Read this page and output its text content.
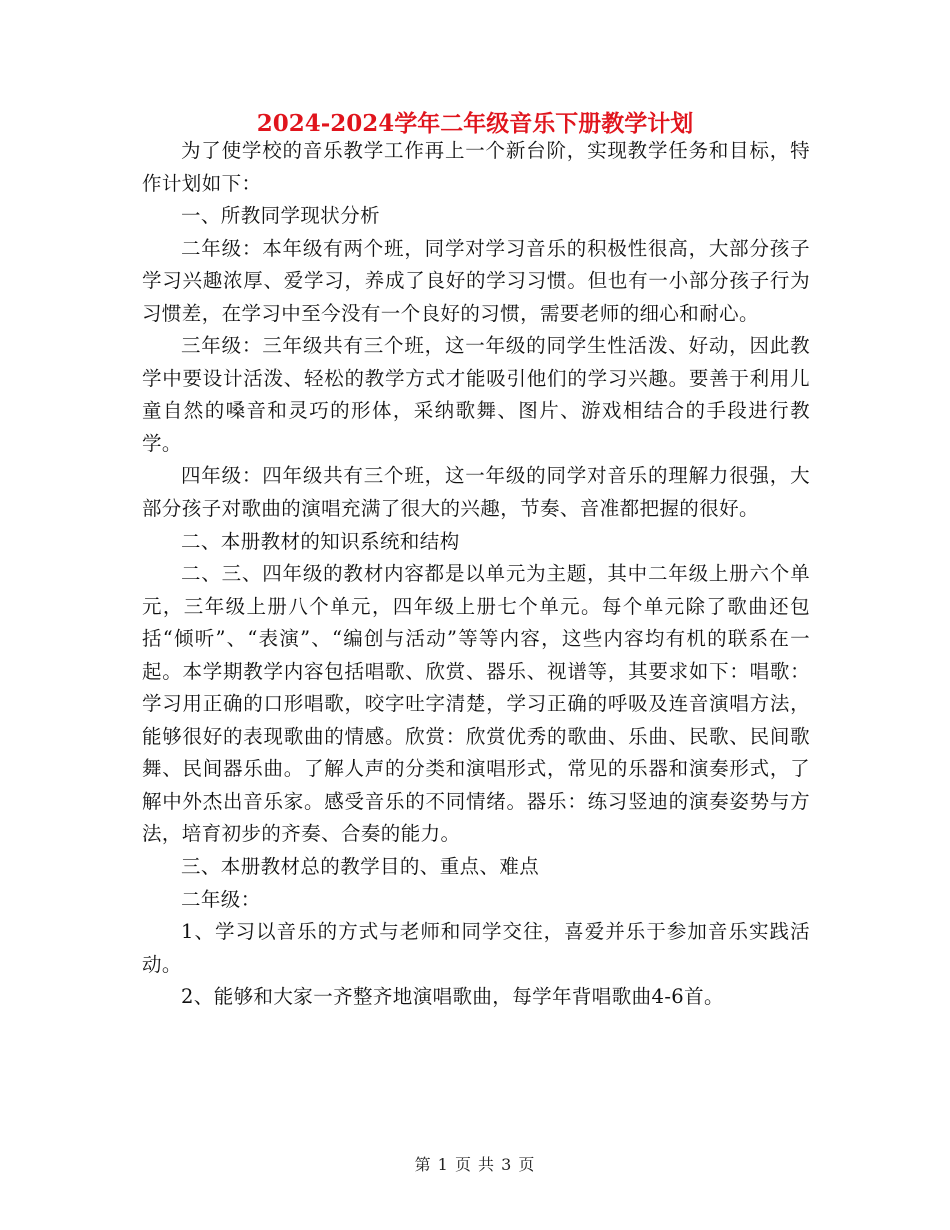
2024-2024学年二年级音乐下册教学计划

为了使学校的音乐教学工作再上一个新台阶，实现教学任务和目标，特作计划如下：

一、所教同学现状分析

二年级：本年级有两个班，同学对学习音乐的积极性很高，大部分孩子学习兴趣浓厚、爱学习，养成了良好的学习习惯。但也有一小部分孩子行为习惯差，在学习中至今没有一个良好的习惯，需要老师的细心和耐心。

三年级：三年级共有三个班，这一年级的同学生性活泼、好动，因此教学中要设计活泼、轻松的教学方式才能吸引他们的学习兴趣。要善于利用儿童自然的嗓音和灵巧的形体，采纳歌舞、图片、游戏相结合的手段进行教学。

四年级：四年级共有三个班，这一年级的同学对音乐的理解力很强，大部分孩子对歌曲的演唱充满了很大的兴趣，节奏、音准都把握的很好。

二、本册教材的知识系统和结构

二、三、四年级的教材内容都是以单元为主题，其中二年级上册六个单元，三年级上册八个单元，四年级上册七个单元。每个单元除了歌曲还包括“倾听”、“表演”、“编创与活动”等等内容，这些内容均有机的联系在一起。本学期教学内容包括唱歌、欣赏、器乐、视谱等，其要求如下：唱歌：学习用正确的口形唱歌，咬字吐字清楚，学习正确的呼吸及连音演唱方法，能够很好的表现歌曲的情感。欣赏：欣赏优秀的歌曲、乐曲、民歌、民间歌舞、民间器乐曲。了解人声的分类和演唱形式，常见的乐器和演奏形式，了解中外杰出音乐家。感受音乐的不同情绪。器乐：练习竖迪的演奏姿势与方法，培育初步的齐奏、合奏的能力。

三、本册教材总的教学目的、重点、难点

二年级：

1、学习以音乐的方式与老师和同学交往，喜爱并乐于参加音乐实践活动。

2、能够和大家一齐整齐地演唱歌曲，每学年背唱歌曲4-6首。

第 1 页 共 3 页
